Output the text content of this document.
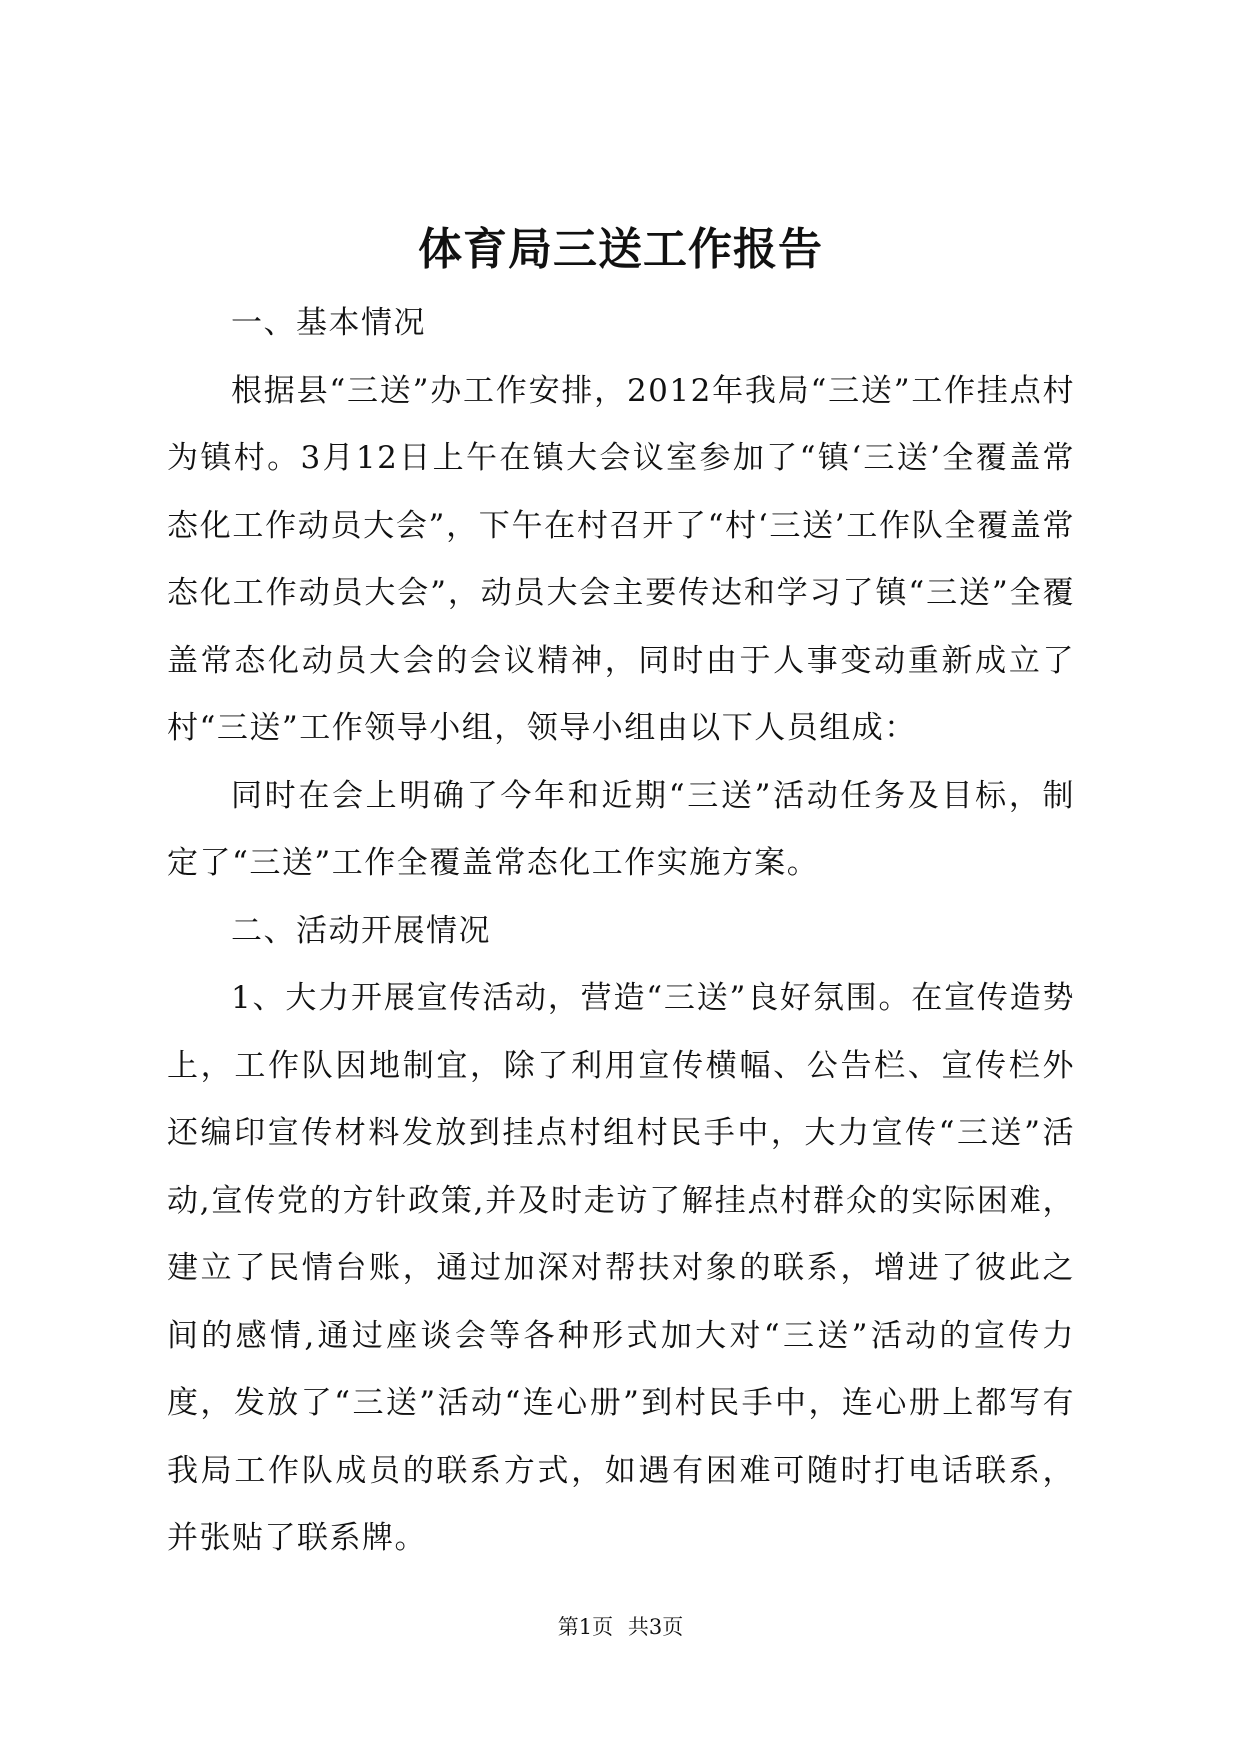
体育局三送工作报告

一、基本情况

根据县“三送”办工作安排，2012年我局“三送”工作挂点村为镇村。3月12日上午在镇大会议室参加了“镇‘三送’全覆盖常态化工作动员大会”，下午在村召开了“村‘三送’工作队全覆盖常态化工作动员大会”，动员大会主要传达和学习了镇“三送”全覆盖常态化动员大会的会议精神，同时由于人事变动重新成立了村“三送”工作领导小组，领导小组由以下人员组成：

同时在会上明确了今年和近期“三送”活动任务及目标，制定了“三送”工作全覆盖常态化工作实施方案。

二、活动开展情况

1、大力开展宣传活动，营造“三送”良好氛围。在宣传造势上，工作队因地制宜，除了利用宣传横幅、公告栏、宣传栏外还编印宣传材料发放到挂点村组村民手中，大力宣传“三送”活动,宣传党的方针政策,并及时走访了解挂点村群众的实际困难，建立了民情台账，通过加深对帮扶对象的联系，增进了彼此之间的感情,通过座谈会等各种形式加大对“三送”活动的宣传力度，发放了“三送”活动“连心册”到村民手中，连心册上都写有我局工作队成员的联系方式，如遇有困难可随时打电话联系，并张贴了联系牌。

第1页 共3页
